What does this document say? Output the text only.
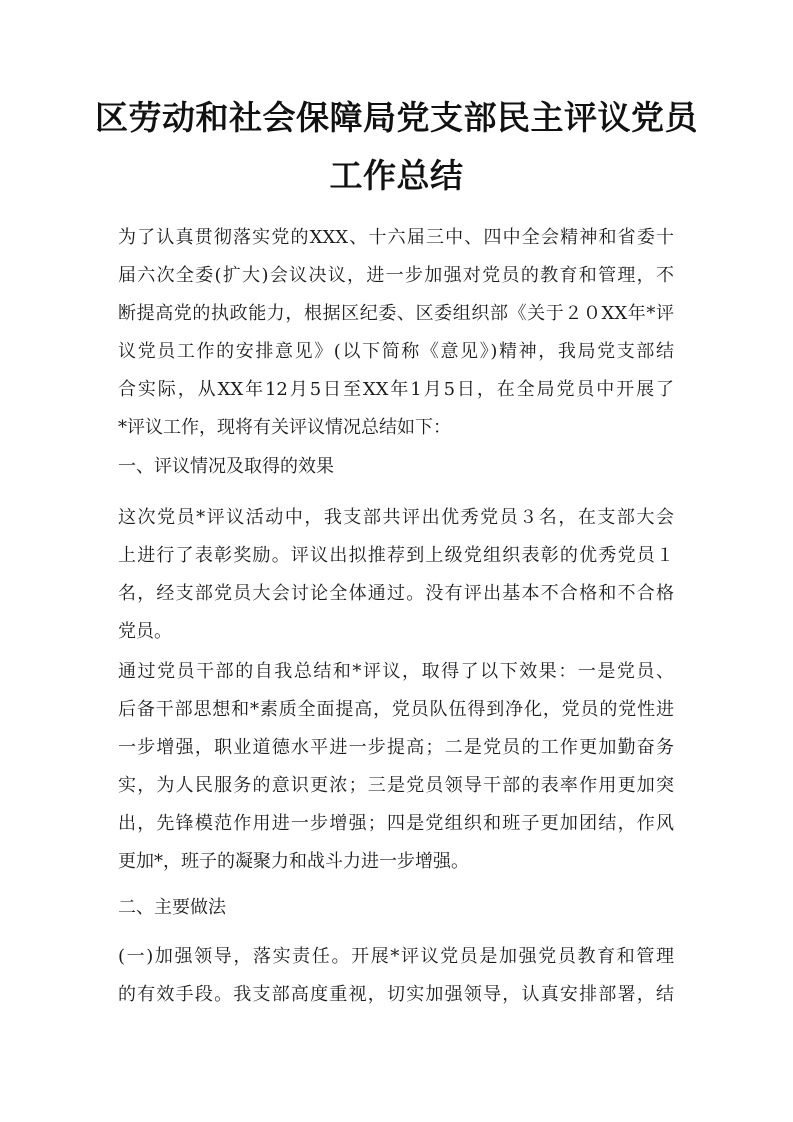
区劳动和社会保障局党支部民主评议党员
工作总结
为了认真贯彻落实党的XXX、十六届三中、四中全会精神和省委十
届六次全委(扩大)会议决议，进一步加强对党员的教育和管理，不
断提高党的执政能力，根据区纪委、区委组织部《关于２０XX年*评
议党员工作的安排意见》(以下简称《意见》)精神，我局党支部结
合实际，从XX年12月5日至XX年1月5日，在全局党员中开展了
*评议工作，现将有关评议情况总结如下：
一、评议情况及取得的效果
这次党员*评议活动中，我支部共评出优秀党员３名，在支部大会
上进行了表彰奖励。评议出拟推荐到上级党组织表彰的优秀党员１
名，经支部党员大会讨论全体通过。没有评出基本不合格和不合格
党员。
通过党员干部的自我总结和*评议，取得了以下效果：一是党员、
后备干部思想和*素质全面提高，党员队伍得到净化，党员的党性进
一步增强，职业道德水平进一步提高；二是党员的工作更加勤奋务
实，为人民服务的意识更浓；三是党员领导干部的表率作用更加突
出，先锋模范作用进一步增强；四是党组织和班子更加团结，作风
更加*，班子的凝聚力和战斗力进一步增强。
二、主要做法
(一)加强领导，落实责任。开展*评议党员是加强党员教育和管理
的有效手段。我支部高度重视，切实加强领导，认真安排部署，结
